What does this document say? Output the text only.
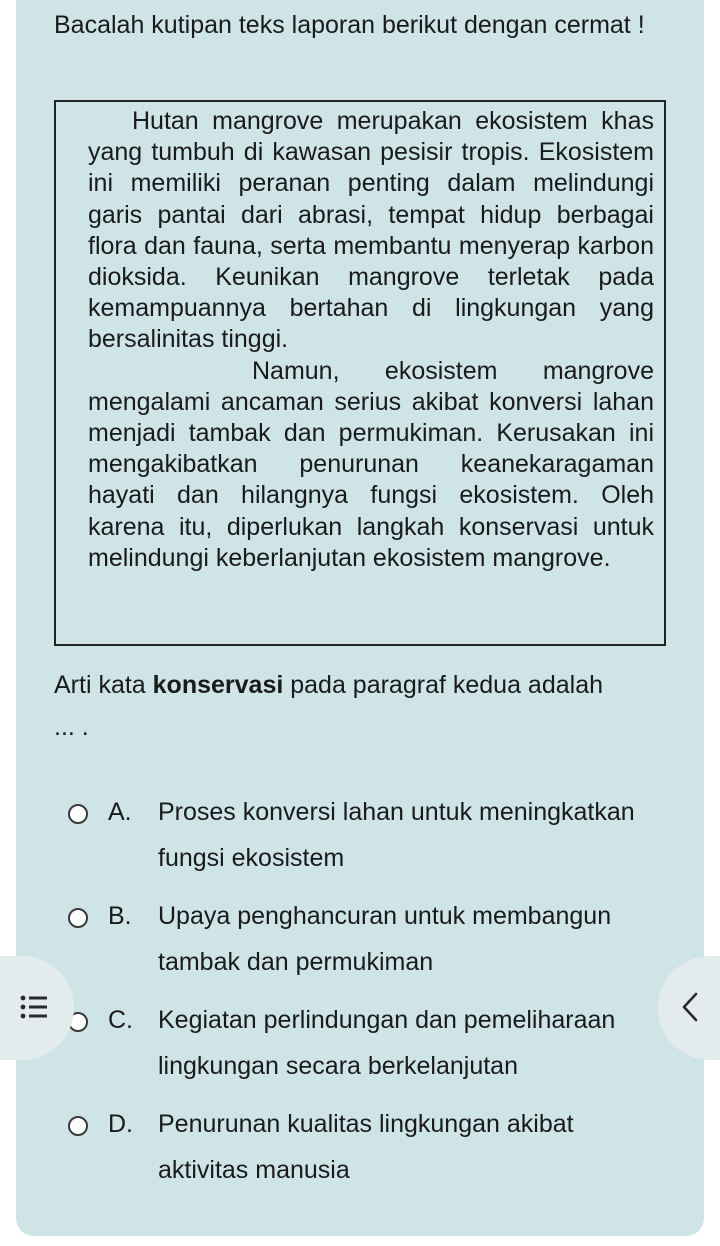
Bacalah kutipan teks laporan berikut dengan cermat !

Hutan mangrove merupakan ekosistem khas yang tumbuh di kawasan pesisir tropis. Ekosistem ini memiliki peranan penting dalam melindungi garis pantai dari abrasi, tempat hidup berbagai flora dan fauna, serta membantu menyerap karbon dioksida. Keunikan mangrove terletak pada kemampuannya bertahan di lingkungan yang bersalinitas tinggi.

Namun, ekosistem mangrove mengalami ancaman serius akibat konversi lahan menjadi tambak dan permukiman. Kerusakan ini mengakibatkan penurunan keanekaragaman hayati dan hilangnya fungsi ekosistem. Oleh karena itu, diperlukan langkah konservasi untuk melindungi keberlanjutan ekosistem mangrove.

Arti kata konservasi pada paragraf kedua adalah
... .
A. Proses konversi lahan untuk meningkatkan fungsi ekosistem
B. Upaya penghancuran untuk membangun tambak dan permukiman
C. Kegiatan perlindungan dan pemeliharaan lingkungan secara berkelanjutan
D. Penurunan kualitas lingkungan akibat aktivitas manusia
